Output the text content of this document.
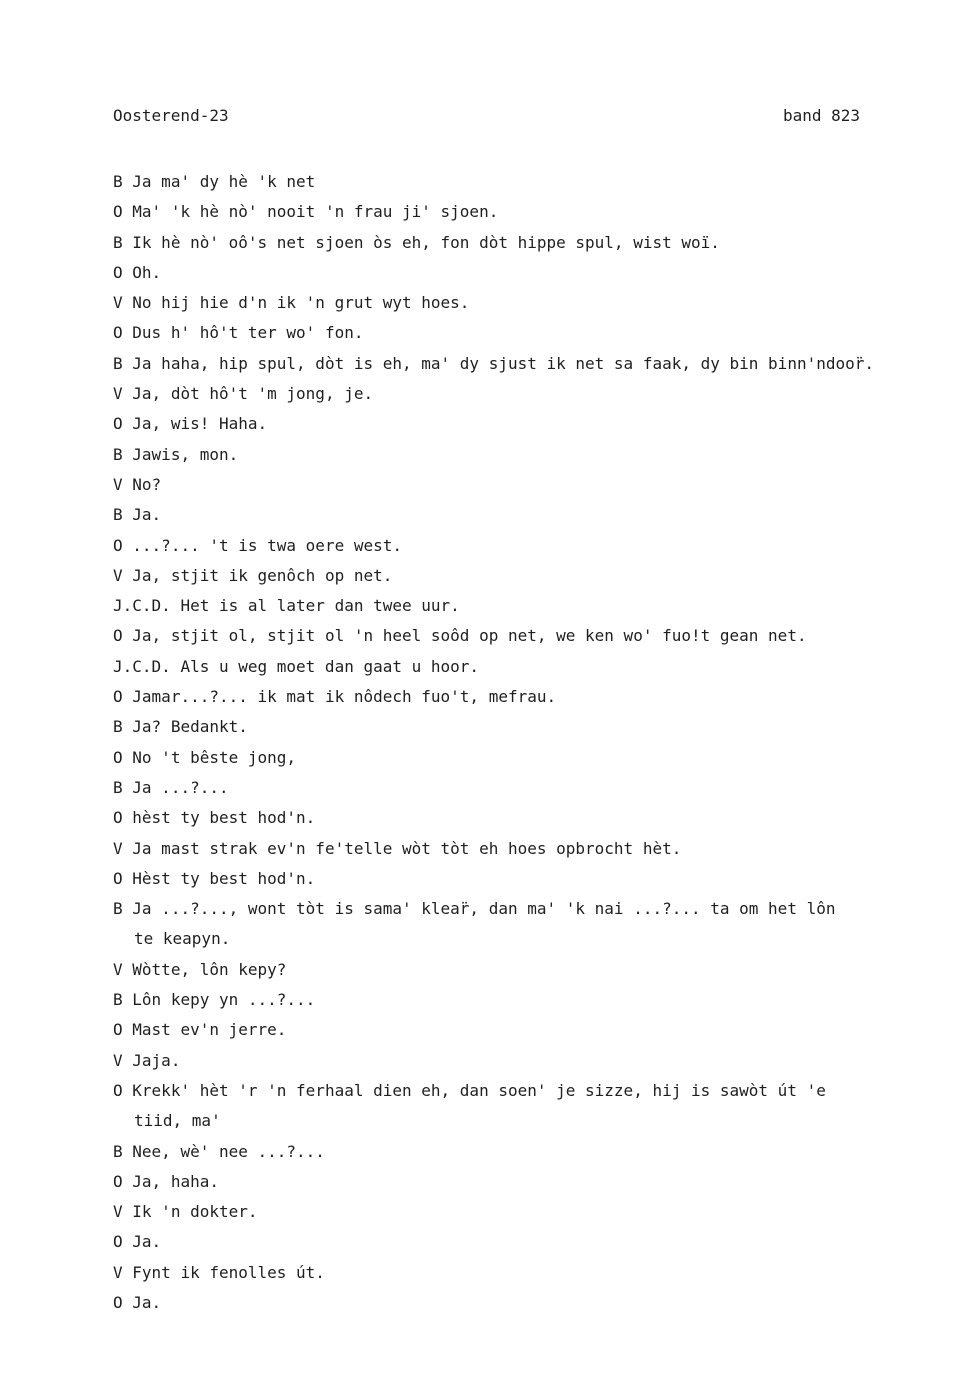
Oosterend-23	band 823
B Ja ma' dy hè 'k net
O Ma' 'k hè nò' nooit 'n frau ji' sjoen.
B Ik hè nò' oô's net sjoen òs eh, fon dòt hippe spul, wist woï.
O Oh.
V No hij hie d'n ik 'n grut wyt hoes.
O Dus h' hô't ter wo' fon.
B Ja haha, hip spul, dòt is eh, ma' dy sjust ik net sa faak, dy bin binn'ndoor̈.
V Ja, dòt hô't 'm jong, je.
O Ja, wis! Haha.
B Jawis, mon.
V No?
B Ja.
O ...?... 't is twa oere west.
V Ja, stjit ik genôch op net.
J.C.D. Het is al later dan twee uur.
O Ja, stjit ol, stjit ol 'n heel soôd op net, we ken wo' fuo!t gean net.
J.C.D. Als u weg moet dan gaat u hoor.
O Jamar...?... ik mat ik nôdech fuo't, mefrau.
B Ja? Bedankt.
O No 't bêste jong,
B Ja ...?...
O hèst ty best hod'n.
V Ja mast strak ev'n fe'telle wòt tòt eh hoes opbrocht hèt.
O Hèst ty best hod'n.
B Ja ...?..., wont tòt is sama' klear̈, dan ma' 'k nai ...?... ta om het lôn
te keapyn.
V Wòtte, lôn kepy?
B Lôn kepy yn ...?...
O Mast ev'n jerre.
V Jaja.
O Krekk' hèt 'r 'n ferhaal dien eh, dan soen' je sizze, hij is sawòt út 'e
tiid, ma'
B Nee, wè' nee ...?...
O Ja, haha.
V Ik 'n dokter.
O Ja.
V Fynt ik fenolles út.
O Ja.
